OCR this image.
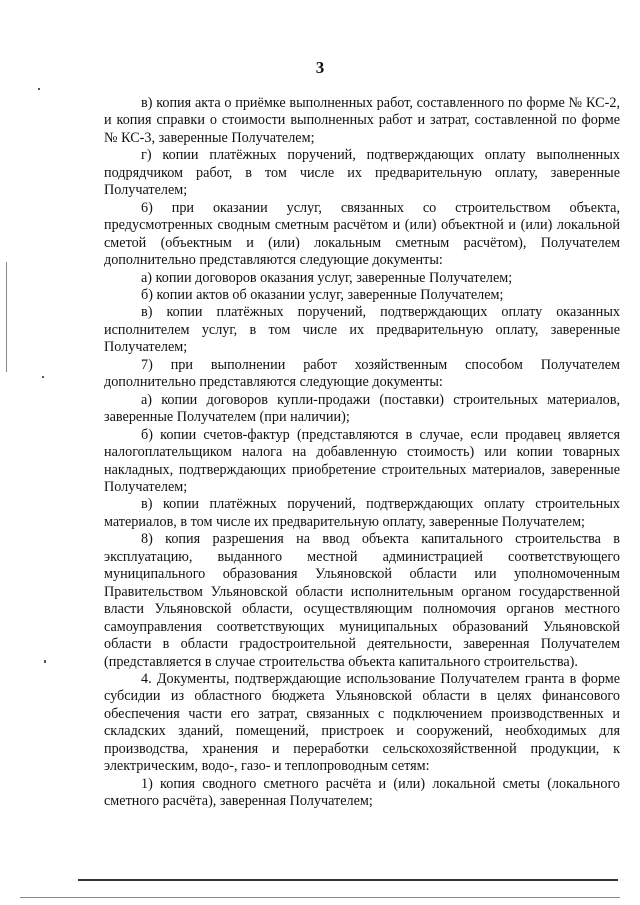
3

в) копия акта о приёмке выполненных работ, составленного по форме № КС-2, и копия справки о стоимости выполненных работ и затрат, составленной по форме № КС-3, заверенные Получателем;

г) копии платёжных поручений, подтверждающих оплату выполненных подрядчиком работ, в том числе их предварительную оплату, заверенные Получателем;

6) при оказании услуг, связанных со строительством объекта, предусмотренных сводным сметным расчётом и (или) объектной и (или) локальной сметой (объектным и (или) локальным сметным расчётом), Получателем дополнительно представляются следующие документы:

а) копии договоров оказания услуг, заверенные Получателем;

б) копии актов об оказании услуг, заверенные Получателем;

в) копии платёжных поручений, подтверждающих оплату оказанных исполнителем услуг, в том числе их предварительную оплату, заверенные Получателем;

7) при выполнении работ хозяйственным способом Получателем дополнительно представляются следующие документы:

а) копии договоров купли-продажи (поставки) строительных материалов, заверенные Получателем (при наличии);

б) копии счетов-фактур (представляются в случае, если продавец является налогоплательщиком налога на добавленную стоимость) или копии товарных накладных, подтверждающих приобретение строительных материалов, заверенные Получателем;

в) копии платёжных поручений, подтверждающих оплату строительных материалов, в том числе их предварительную оплату, заверенные Получателем;

8) копия разрешения на ввод объекта капитального строительства в эксплуатацию, выданного местной администрацией соответствующего муниципального образования Ульяновской области или уполномоченным Правительством Ульяновской области исполнительным органом государственной власти Ульяновской области, осуществляющим полномочия органов местного самоуправления соответствующих муниципальных образований Ульяновской области в области градостроительной деятельности, заверенная Получателем (представляется в случае строительства объекта капитального строительства).

4. Документы, подтверждающие использование Получателем гранта в форме субсидии из областного бюджета Ульяновской области в целях финансового обеспечения части его затрат, связанных с подключением производственных и складских зданий, помещений, пристроек и сооружений, необходимых для производства, хранения и переработки сельскохозяйственной продукции, к электрическим, водо-, газо- и теплопроводным сетям:

1) копия сводного сметного расчёта и (или) локальной сметы (локального сметного расчёта), заверенная Получателем;
